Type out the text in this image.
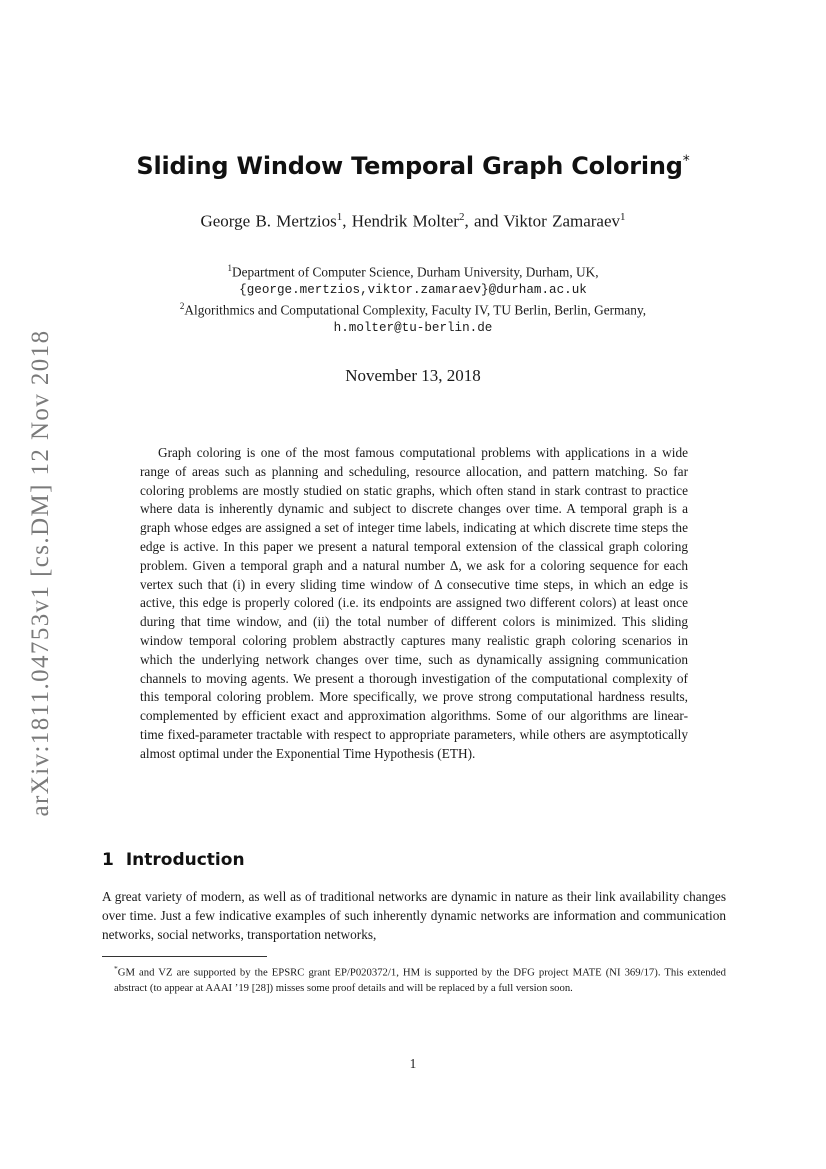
arXiv:1811.04753v1 [cs.DM] 12 Nov 2018
Sliding Window Temporal Graph Coloring*
George B. Mertzios$^1$, Hendrik Molter$^2$, and Viktor Zamaraev$^1$
$^1$Department of Computer Science, Durham University, Durham, UK,
{george.mertzios,viktor.zamaraev}@durham.ac.uk
$^2$Algorithmics and Computational Complexity, Faculty IV, TU Berlin, Berlin, Germany,
h.molter@tu-berlin.de
November 13, 2018
Graph coloring is one of the most famous computational problems with applications in a wide range of areas such as planning and scheduling, resource allocation, and pattern matching. So far coloring problems are mostly studied on static graphs, which often stand in stark contrast to practice where data is inherently dynamic and subject to discrete changes over time. A temporal graph is a graph whose edges are assigned a set of integer time labels, indicating at which discrete time steps the edge is active. In this paper we present a natural temporal extension of the classical graph coloring problem. Given a temporal graph and a natural number Δ, we ask for a coloring sequence for each vertex such that (i) in every sliding time window of Δ consecutive time steps, in which an edge is active, this edge is properly colored (i.e. its endpoints are assigned two different colors) at least once during that time window, and (ii) the total number of different colors is minimized. This sliding window temporal coloring problem abstractly captures many realistic graph coloring scenarios in which the underlying network changes over time, such as dynamically assigning communication channels to moving agents. We present a thorough investigation of the computational complexity of this temporal coloring problem. More specifically, we prove strong computational hardness results, complemented by efficient exact and approximation algorithms. Some of our algorithms are linear-time fixed-parameter tractable with respect to appropriate parameters, while others are asymptotically almost optimal under the Exponential Time Hypothesis (ETH).
1 Introduction
A great variety of modern, as well as of traditional networks are dynamic in nature as their link availability changes over time. Just a few indicative examples of such inherently dynamic networks are information and communication networks, social networks, transportation networks,
*GM and VZ are supported by the EPSRC grant EP/P020372/1, HM is supported by the DFG project MATE (NI 369/17). This extended abstract (to appear at AAAI ’19 [28]) misses some proof details and will be replaced by a full version soon.
1
